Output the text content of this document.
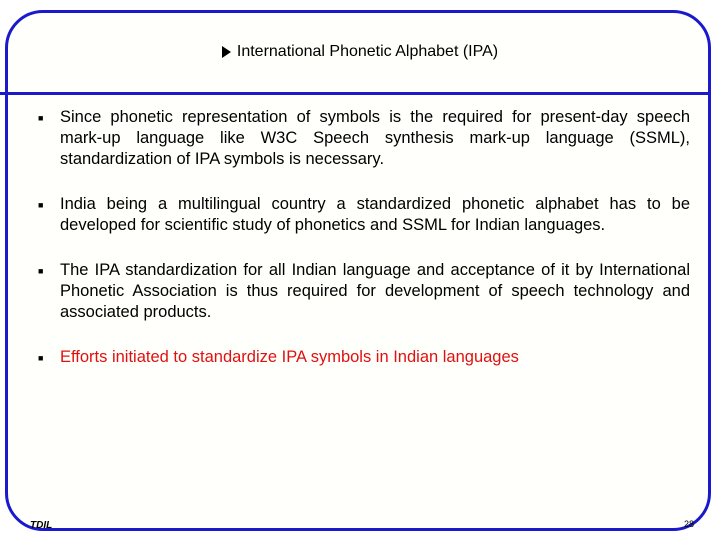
International Phonetic Alphabet (IPA)
■	Since phonetic representation of symbols is the required for present-day speech mark-up language like W3C Speech synthesis mark-up language (SSML), standardization of IPA symbols is necessary.
■	India being a multilingual country a standardized phonetic alphabet has to be developed for scientific study of phonetics and SSML for Indian languages.
■	The IPA standardization for all Indian language and acceptance of it by International Phonetic Association is thus required for development of speech technology and associated products.
■	Efforts initiated to standardize IPA symbols in Indian languages
TDIL	28
